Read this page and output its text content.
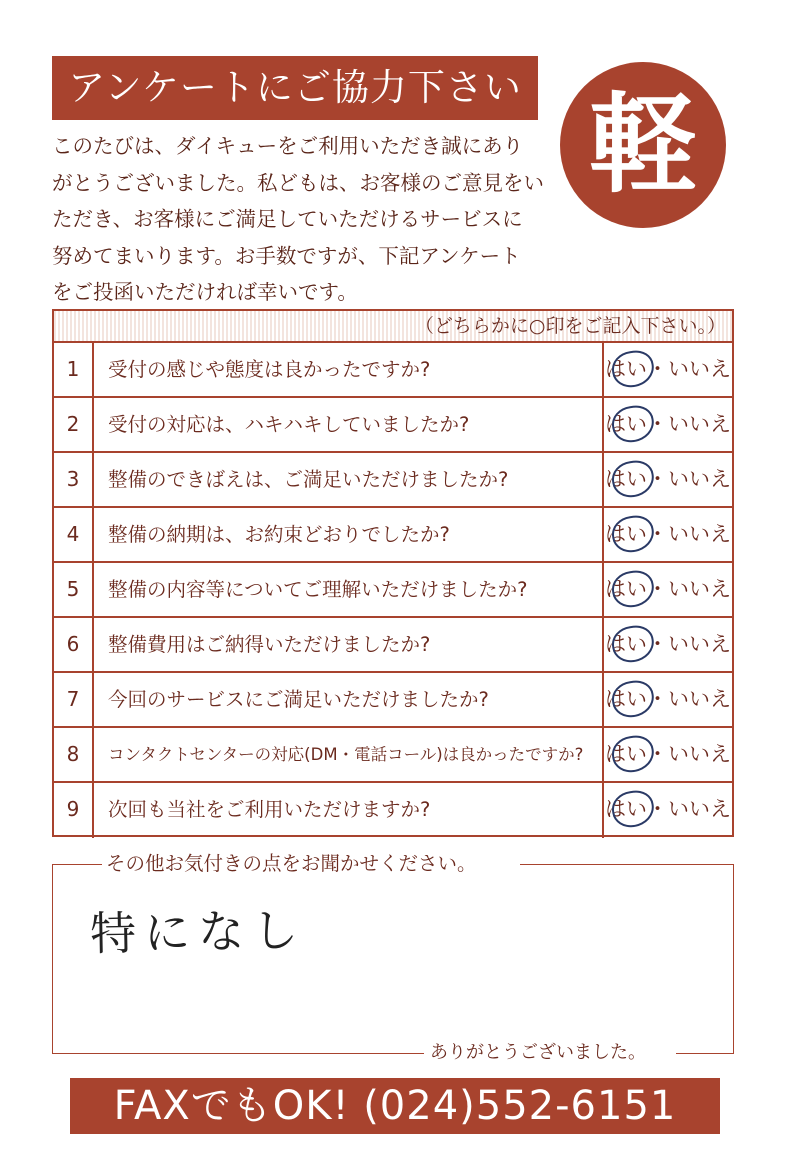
アンケートにご協力下さい 軽
このたびは、ダイキューをご利用いただき誠にあり
がとうございました。私どもは、お客様のご意見をい
ただき、お客様にご満足していただけるサービスに
努めてまいります。お手数ですが、下記アンケート
をご投函いただければ幸いです。
（どちらかに○印をご記入下さい。）
1	受付の感じや態度は良かったですか?	はい・いいえ
2	受付の対応は、ハキハキしていましたか?	はい・いいえ
3	整備のできばえは、ご満足いただけましたか?	はい・いいえ
4	整備の納期は、お約束どおりでしたか?	はい・いいえ
5	整備の内容等についてご理解いただけましたか?	はい・いいえ
6	整備費用はご納得いただけましたか?	はい・いいえ
7	今回のサービスにご満足いただけましたか?	はい・いいえ
8	コンタクトセンターの対応(DM・電話コール)は良かったですか? はい・いいえ
9	次回も当社をご利用いただけますか?	はい・いいえ
その他お気付きの点をお聞かせください。
特になし
ありがとうございました。
FAXでもOK! (024)552-6151
